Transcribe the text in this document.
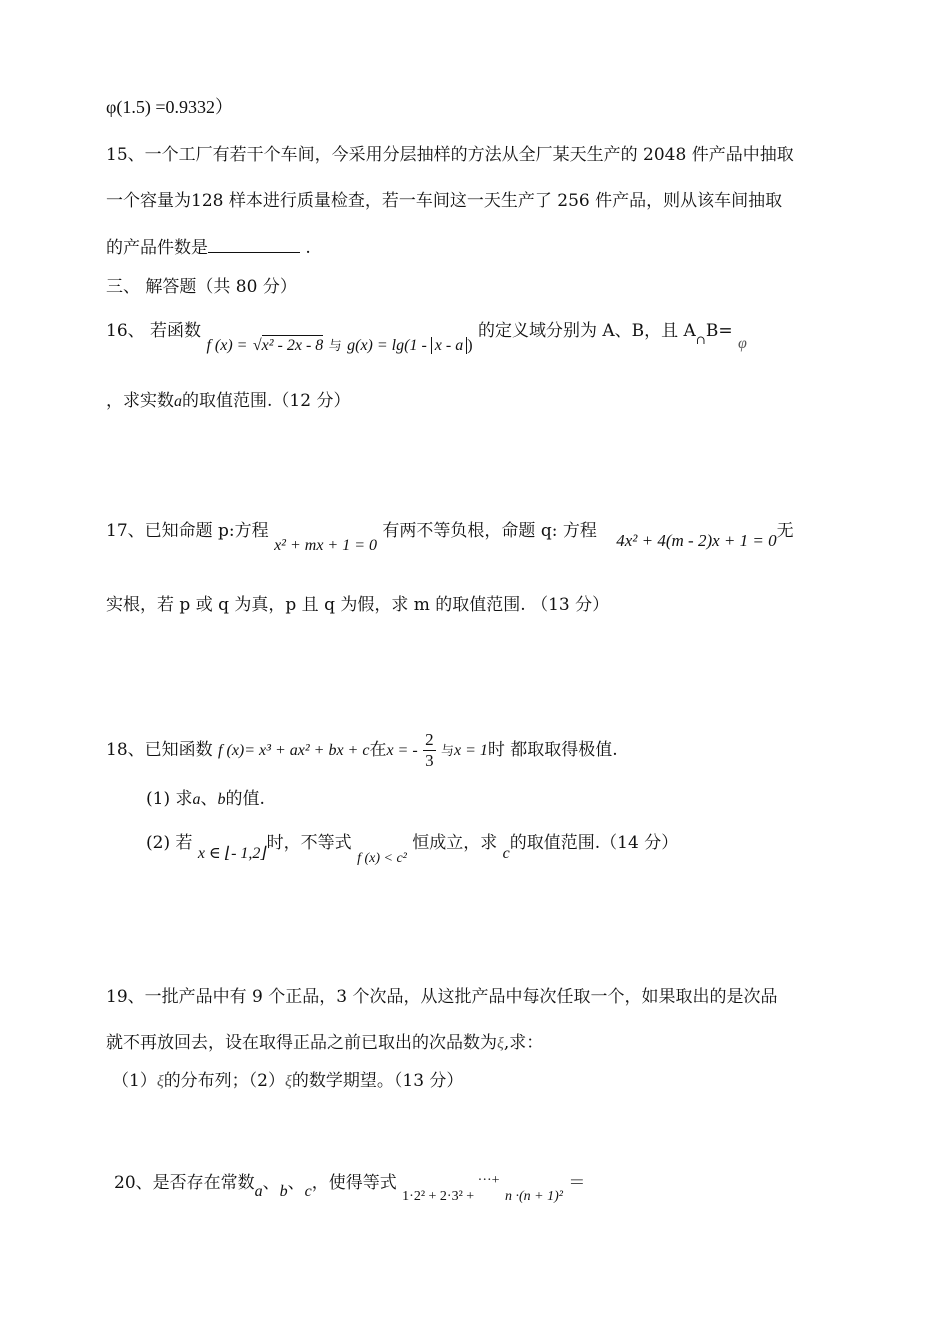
φ(1.5) =0.9332）
15、一个工厂有若干个车间，今采用分层抽样的方法从全厂某天生产的 2048 件产品中抽取
一个容量为128 样本进行质量检查，若一车间这一天生产了 256 件产品，则从该车间抽取
的产品件数是	.
三、 解答题（共 80 分）
16、 若函数 f (x) = √x² - 2x - 8 与 g(x) = lg(1 - x - a ) 的定义域分别为 A、B，且 $A_\cap B= \varphi$
，求实数a的取值范围.（12 分）
17、已知命题 p:方程 x² + mx + 1 = 0 有两不等负根，命题 q: 方程 4x² + 4(m - 2)x + 1 = 0无
实根，若 p 或 q 为真，p 且 q 为假，求 m 的取值范围. （13 分）
18、已知函数 f (x)= x³ + ax² + bx + c在x = - $\frac{2}{3}$ 与x = 1时 都取取得极值.
(1) 求a、b的值.
(2) 若 x ∈ ⌊- 1,2⌋时，不等式 $_{f (x) < c^2}$ 恒成立，求 c的取值范围.（14 分）
19、一批产品中有 9 个正品，3 个次品，从这批产品中每次任取一个，如果取出的是次品
就不再放回去，设在取得正品之前已取出的次品数为ξ,求：
（1）ξ的分布列；（2）ξ的数学期望。（13 分）
20、是否存在常数a、b、c，使得等式 $_{1\cdot 2^2 + 2\cdot 3^2 +}$ ···+ $_{n \cdot(n + 1)^2}$ ＝
